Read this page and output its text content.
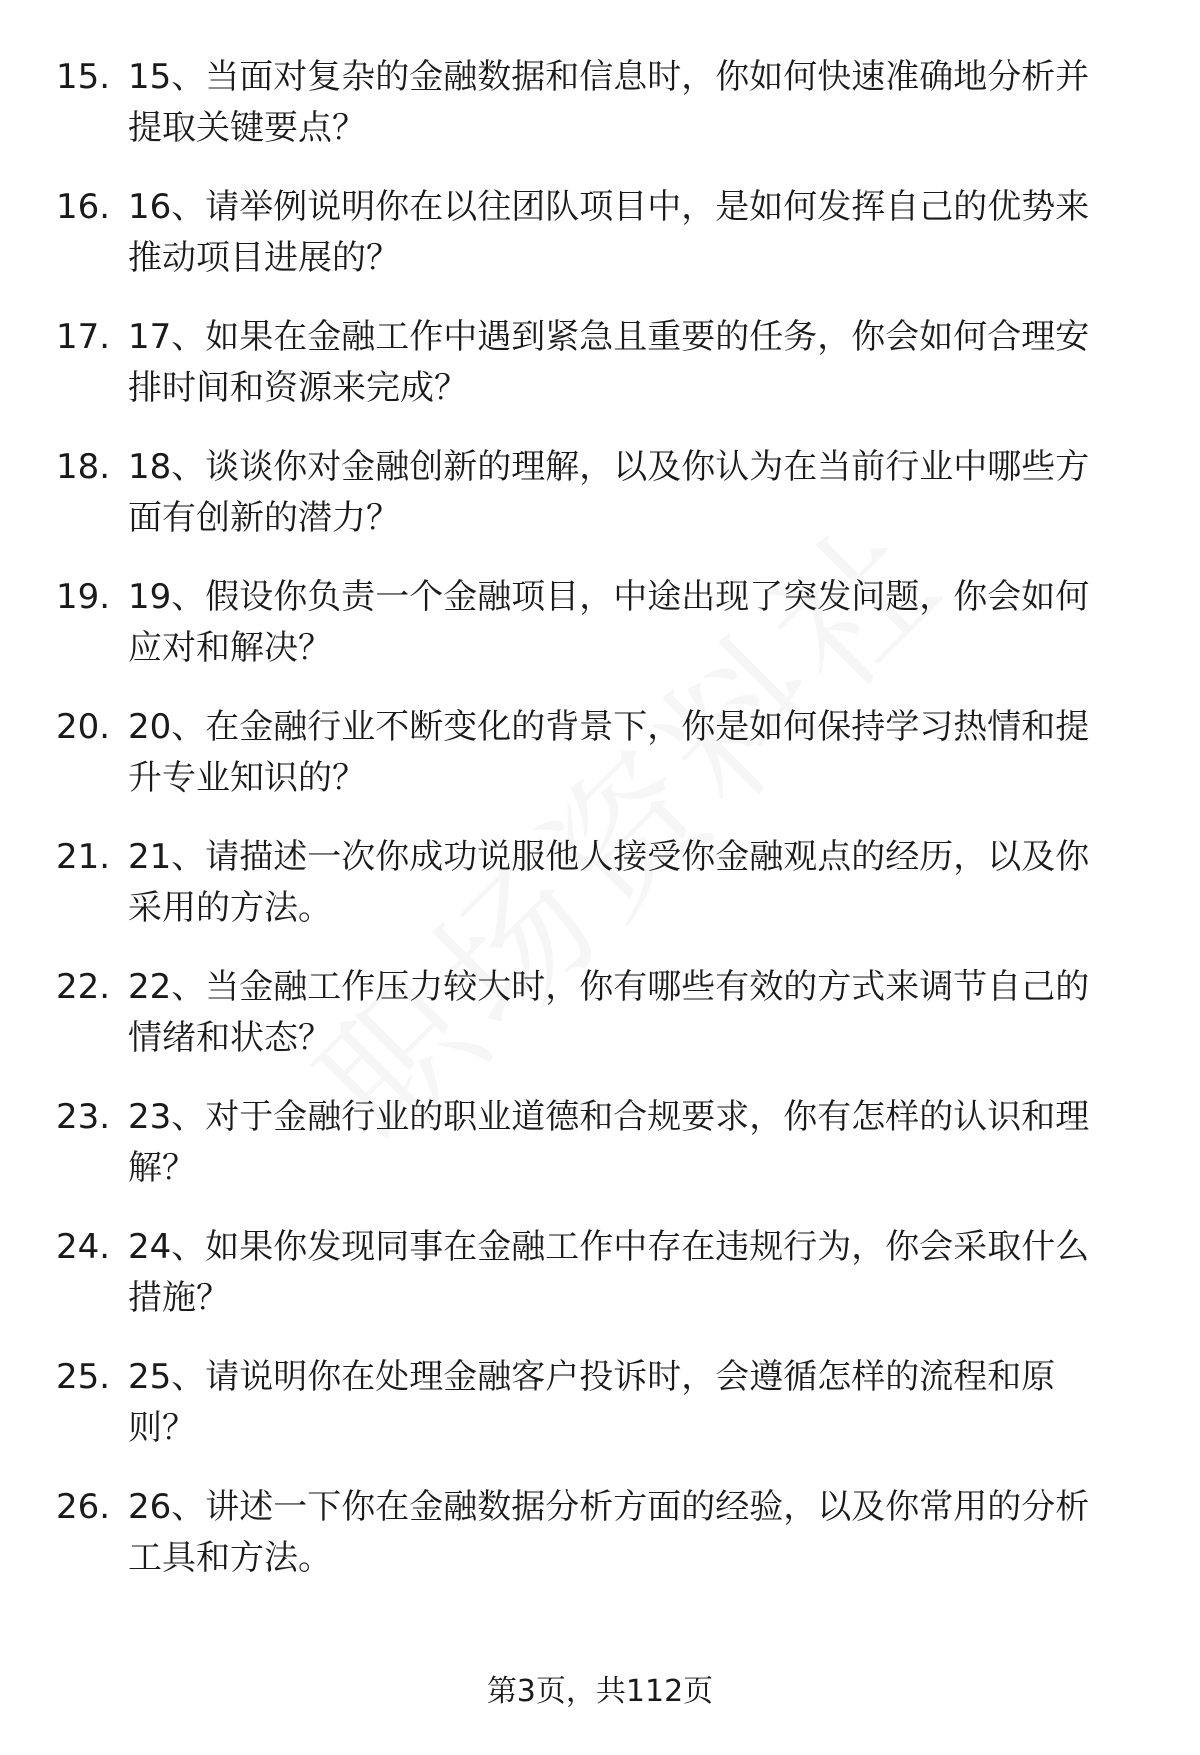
15. 15、当面对复杂的金融数据和信息时，你如何快速准确地分析并
提取关键要点？
16. 16、请举例说明你在以往团队项目中，是如何发挥自己的优势来
推动项目进展的？
17. 17、如果在金融工作中遇到紧急且重要的任务，你会如何合理安
排时间和资源来完成？
18. 18、谈谈你对金融创新的理解，以及你认为在当前行业中哪些方
面有创新的潜力？
19. 19、假设你负责一个金融项目，中途出现了突发问题，你会如何
应对和解决？
20. 20、在金融行业不断变化的背景下，你是如何保持学习热情和提
升专业知识的？
21. 21、请描述一次你成功说服他人接受你金融观点的经历，以及你
采用的方法。
22. 22、当金融工作压力较大时，你有哪些有效的方式来调节自己的
情绪和状态？
23. 23、对于金融行业的职业道德和合规要求，你有怎样的认识和理
解？
24. 24、如果你发现同事在金融工作中存在违规行为，你会采取什么
措施？
25. 25、请说明你在处理金融客户投诉时，会遵循怎样的流程和原
则？
26. 26、讲述一下你在金融数据分析方面的经验，以及你常用的分析
工具和方法。
第3页，共112页
